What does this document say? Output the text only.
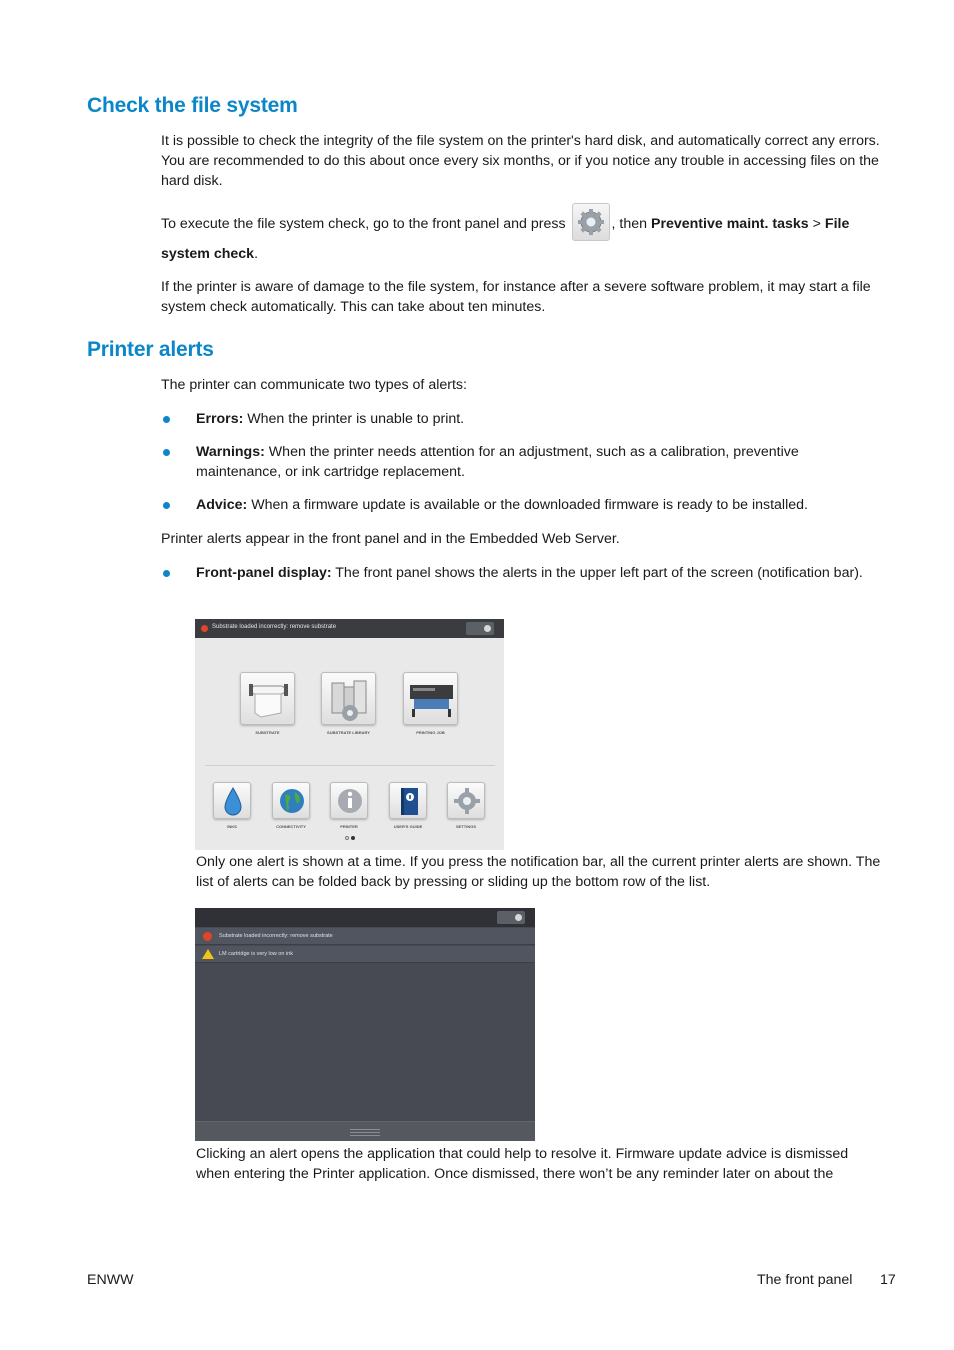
Check the file system
It is possible to check the integrity of the file system on the printer's hard disk, and automatically correct any errors. You are recommended to do this about once every six months, or if you notice any trouble in accessing files on the hard disk.
To execute the file system check, go to the front panel and press	, then Preventive maint. tasks > File
system check.
If the printer is aware of damage to the file system, for instance after a severe software problem, it may start a file system check automatically. This can take about ten minutes.
Printer alerts
The printer can communicate two types of alerts:
Errors: When the printer is unable to print.
Warnings: When the printer needs attention for an adjustment, such as a calibration, preventive maintenance, or ink cartridge replacement.
Advice: When a firmware update is available or the downloaded firmware is ready to be installed.
Printer alerts appear in the front panel and in the Embedded Web Server.
Front-panel display: The front panel shows the alerts in the upper left part of the screen (notification bar).
Substrate loaded incorrectly: remove substrate
SUBSTRATE	SUBSTRATE LIBRARY	PRINTING JOB
INKS	CONNECTIVITY	PRINTER	USER'S GUIDE	SETTINGS
Only one alert is shown at a time. If you press the notification bar, all the current printer alerts are shown. The list of alerts can be folded back by pressing or sliding up the bottom row of the list.
Substrate loaded incorrectly: remove substrate
LM cartridge is very low on ink
Clicking an alert opens the application that could help to resolve it. Firmware update advice is dismissed when entering the Printer application. Once dismissed, there won’t be any reminder later on about the
ENWW	The front panel 17
